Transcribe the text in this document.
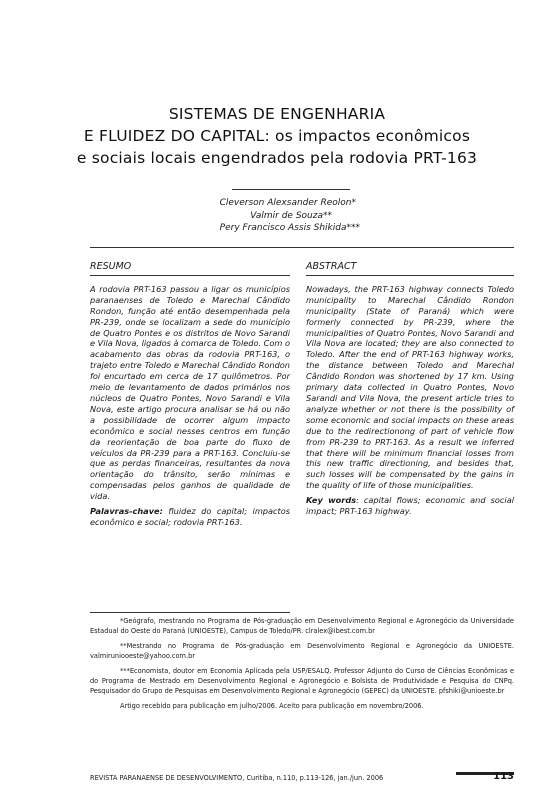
SISTEMAS DE ENGENHARIA
E FLUIDEZ DO CAPITAL: os impactos econômicos
e sociais locais engendrados pela rodovia PRT-163
Cleverson Alexsander Reolon*
Valmir de Souza**
Pery Francisco Assis Shikida***
RESUMO

A rodovia PRT-163 passou a ligar os municípios paranaenses de Toledo e Marechal Cândido Rondon, função até então desempenhada pela PR-239, onde se localizam a sede do município de Quatro Pontes e os distritos de Novo Sarandi e Vila Nova, ligados à comarca de Toledo. Com o acabamento das obras da rodovia PRT-163, o trajeto entre Toledo e Marechal Cândido Rondon foi encurtado em cerca de 17 quilômetros. Por meio de levantamento de dados primários nos núcleos de Quatro Pontes, Novo Sarandi e Vila Nova, este artigo procura analisar se há ou não a possibilidade de ocorrer algum impacto econômico e social nesses centros em função da reorientação de boa parte do fluxo de veículos da PR-239 para a PRT-163. Concluiu-se que as perdas financeiras, resultantes da nova orientação do trânsito, serão mínimas e compensadas pelos ganhos de qualidade de vida.

Palavras-chave: fluidez do capital; impactos econômico e social; rodovia PRT-163.

ABSTRACT

Nowadays, the PRT-163 highway connects Toledo municipality to Marechal Cândido Rondon municipality (State of Paraná) which were formerly connected by PR-239, where the municipalities of Quatro Pontes, Novo Sarandi and Vila Nova are located; they are also connected to Toledo. After the end of PRT-163 highway works, the distance between Toledo and Marechal Cândido Rondon was shortened by 17 km. Using primary data collected in Quatro Pontes, Novo Sarandi and Vila Nova, the present article tries to analyze whether or not there is the possibility of some economic and social impacts on these areas due to the redirectionong of part of vehicle flow from PR-239 to PRT-163. As a result we inferred that there will be minimum financial losses from this new traffic directioning, and besides that, such losses will be compensated by the gains in the quality of life of those municipalities.

Key words: capital flows; economic and social impact; PRT-163 highway.

*Geógrafo, mestrando no Programa de Pós-graduação em Desenvolvimento Regional e Agronegócio da Universidade Estadual do Oeste do Paraná (UNIOESTE), Campus de Toledo/PR. clralex@ibest.com.br

**Mestrando no Programa de Pós-graduação em Desenvolvimento Regional e Agronegócio da UNIOESTE. valmiruniooeste@yahoo.com.br

***Economista, doutor em Economia Aplicada pela USP/ESALQ. Professor Adjunto do Curso de Ciências Econômicas e do Programa de Mestrado em Desenvolvimento Regional e Agronegócio e Bolsista de Produtividade e Pesquisa do CNPq. Pesquisador do Grupo de Pesquisas em Desenvolvimento Regional e Agronegócio (GEPEC) da UNIOESTE. pfshiki@unioeste.br

Artigo recebido para publicação em julho/2006. Aceito para publicação em novembro/2006.

REVISTA PARANAENSE DE DESENVOLVIMENTO, Curitiba, n.110, p.113-126, jan./jun. 2006	113
